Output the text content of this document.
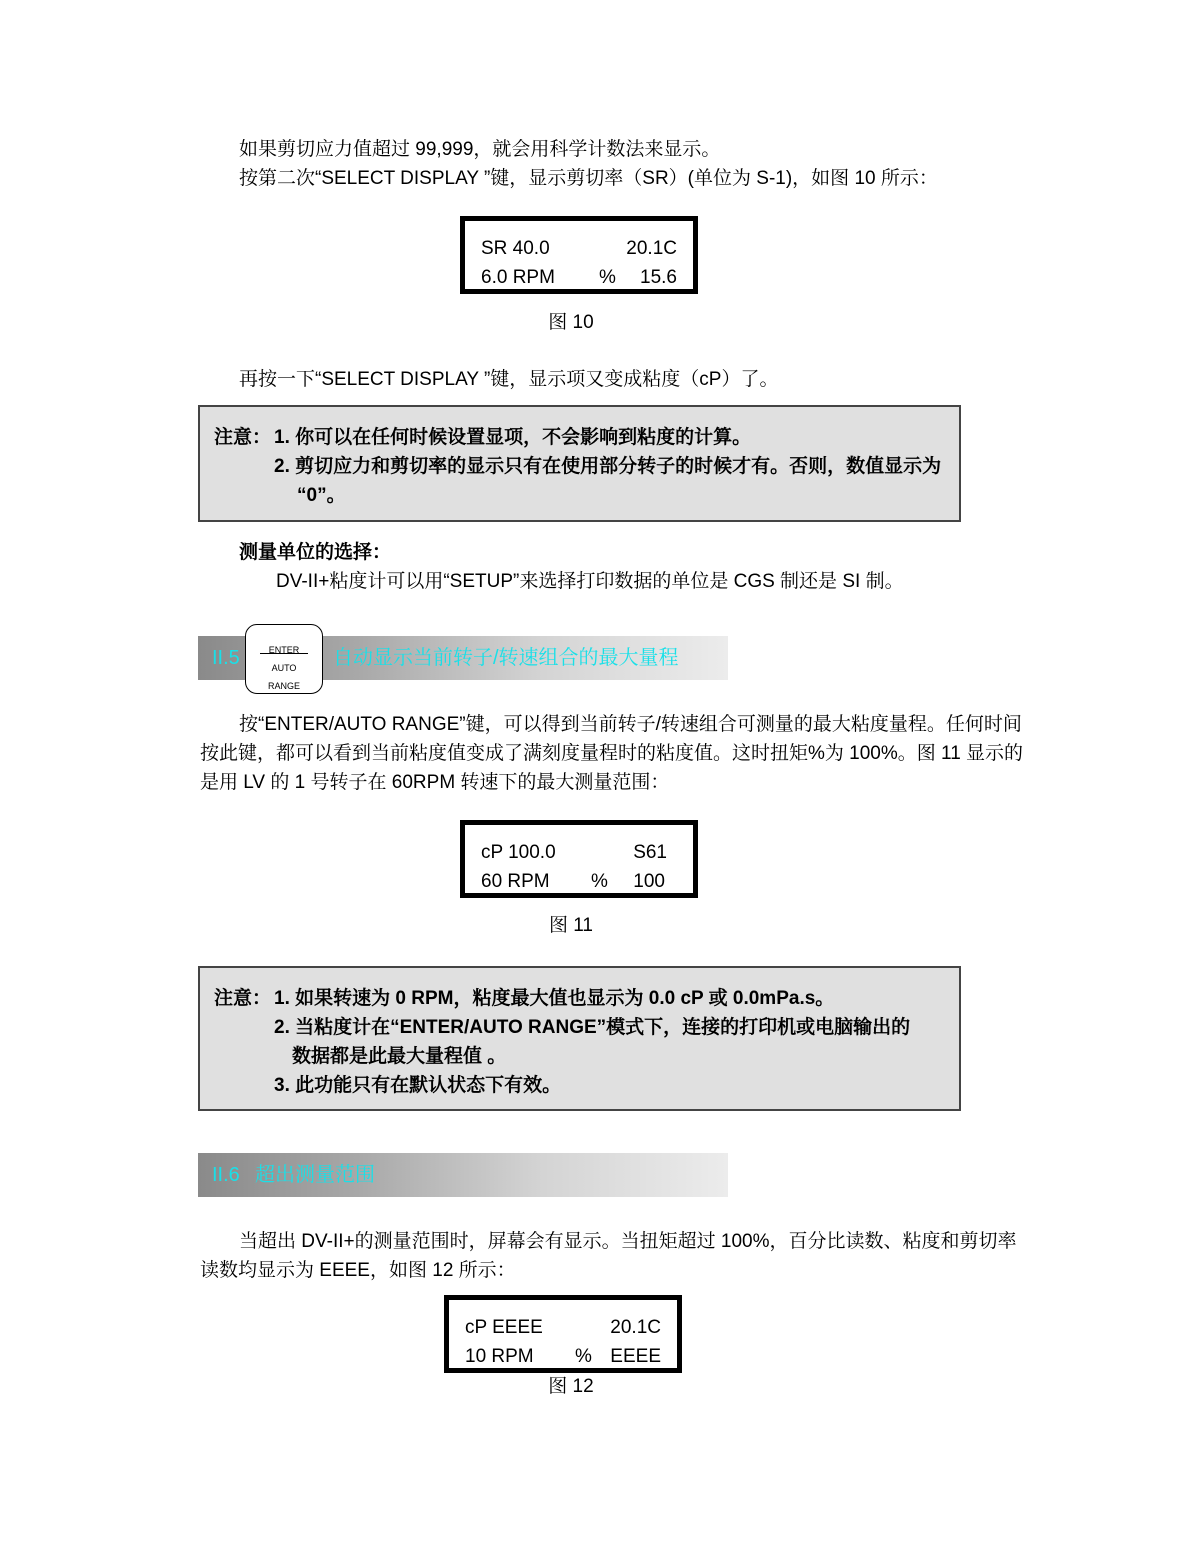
如果剪切应力值超过 99,999，就会用科学计数法来显示。
按第二次“SELECT DISPLAY ”键，显示剪切率（SR）(单位为 S-1)，如图 10 所示：
SR 40.0	20.1C
6.0 RPM % 15.6
图 10
再按一下“SELECT DISPLAY ”键，显示项又变成粘度（cP）了。
注意： 1. 你可以在任何时候设置显项，不会影响到粘度的计算。
2. 剪切应力和剪切率的显示只有在使用部分转子的时候才有。否则，数值显示为
“0”。
测量单位的选择：
DV-II+粘度计可以用“SETUP”来选择打印数据的单位是 CGS 制还是 SI 制。
II.5	自动显示当前转子/转速组合的最大量程
ENTER
AUTO
RANGE
按“ENTER/AUTO RANGE”键，可以得到当前转子/转速组合可测量的最大粘度量程。任何时间按此键，都可以看到当前粘度值变成了满刻度量程时的粘度值。这时扭矩%为 100%。图 11 显示的是用 LV 的 1 号转子在 60RPM 转速下的最大测量范围：
cP 100.0	S61
60 RPM % 100
图 11
注意： 1. 如果转速为 0 RPM，粘度最大值也显示为 0.0 cP 或 0.0mPa.s。
2. 当粘度计在“ENTER/AUTO RANGE”模式下，连接的打印机或电脑输出的
数据都是此最大量程值 。
3. 此功能只有在默认状态下有效。
II.6 超出测量范围
当超出 DV-II+的测量范围时，屏幕会有显示。当扭矩超过 100%，百分比读数、粘度和剪切率读数均显示为 EEEE，如图 12 所示：
cP EEEE	20.1C
10 RPM % EEEE
图 12
